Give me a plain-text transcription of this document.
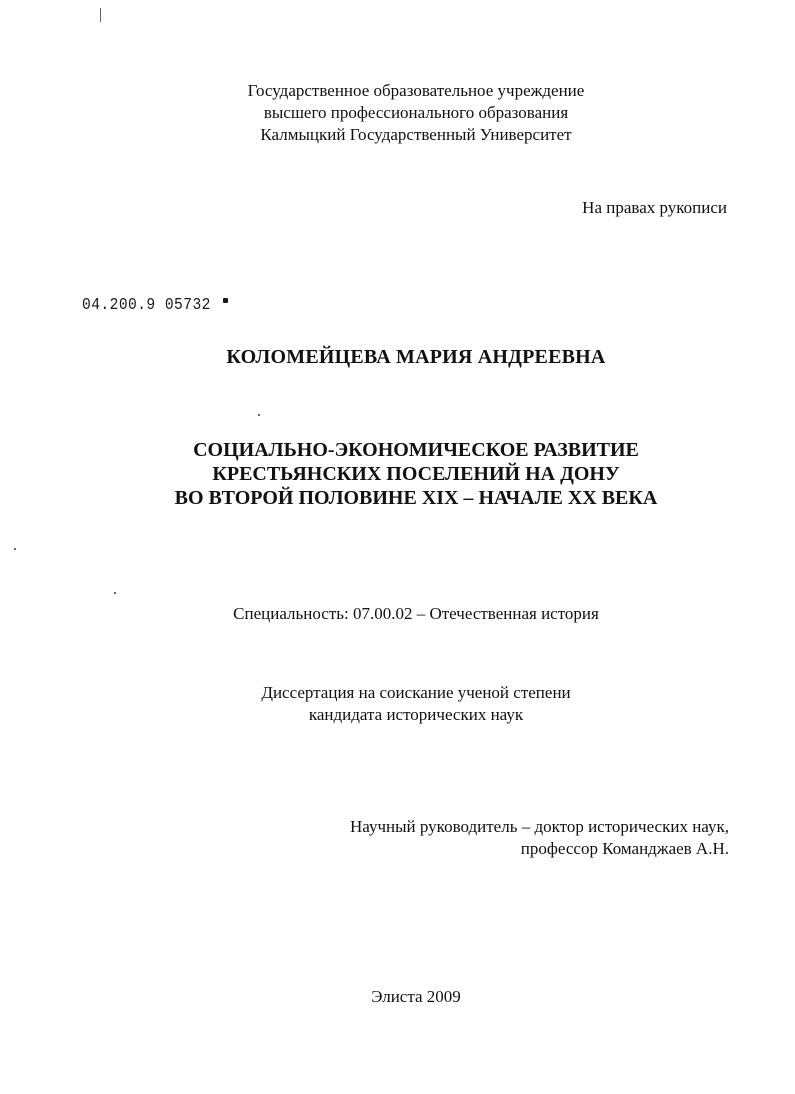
Государственное образовательное учреждение
высшего профессионального образования
Калмыцкий Государственный Университет
На правах рукописи
04.200.9 05732
КОЛОМЕЙЦЕВА МАРИЯ АНДРЕЕВНА
СОЦИАЛЬНО-ЭКОНОМИЧЕСКОЕ РАЗВИТИЕ
КРЕСТЬЯНСКИХ ПОСЕЛЕНИЙ НА ДОНУ
ВО ВТОРОЙ ПОЛОВИНЕ XIX – НАЧАЛЕ XX ВЕКА
Специальность: 07.00.02 – Отечественная история
Диссертация на соискание ученой степени
кандидата исторических наук
Научный руководитель – доктор исторических наук,
профессор Команджаев А.Н.
Элиста 2009
